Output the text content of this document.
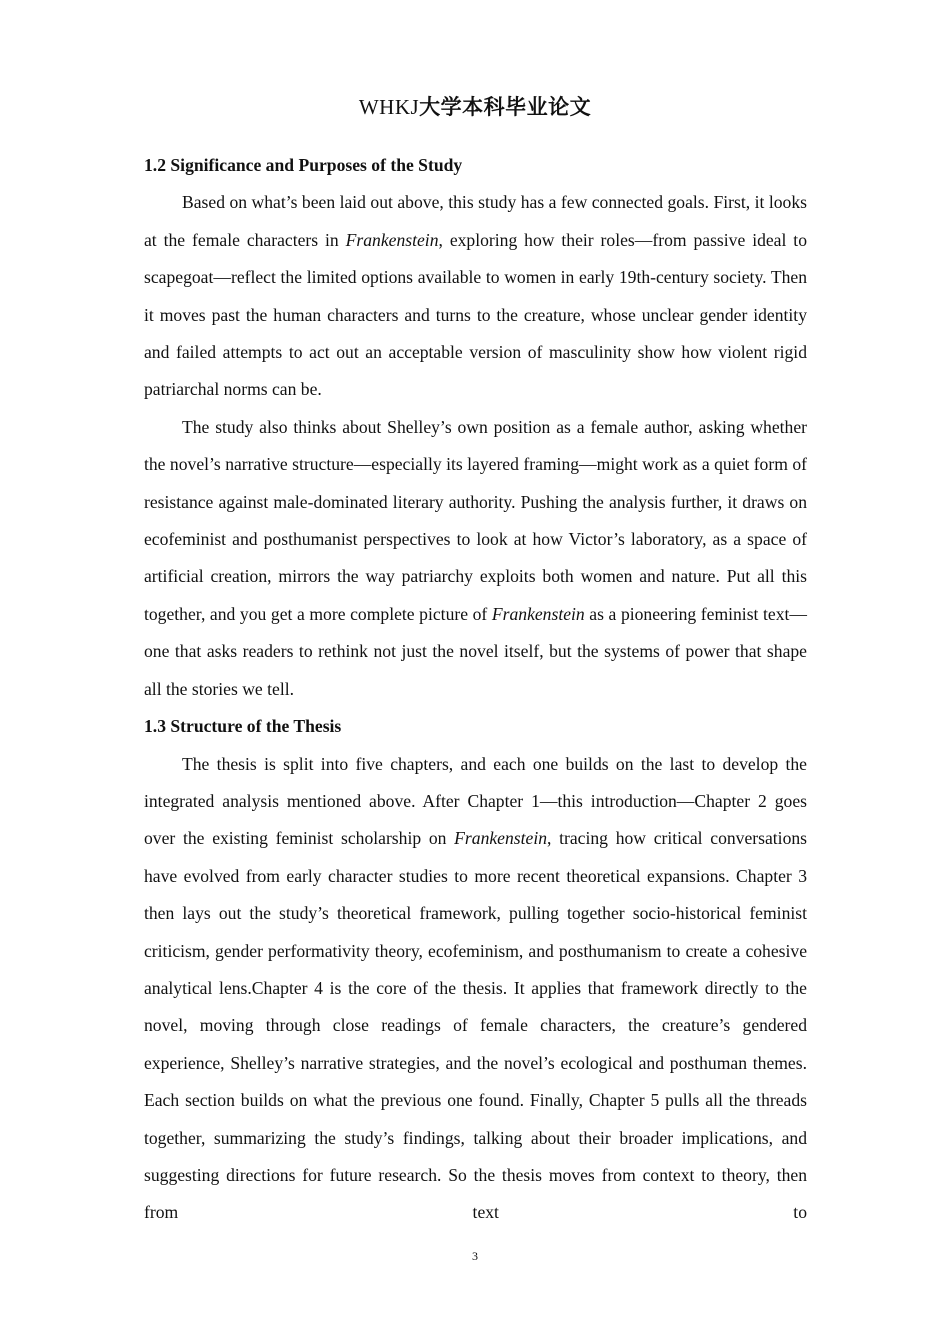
WHKJ大学本科毕业论文
1.2 Significance and Purposes of the Study

Based on what’s been laid out above, this study has a few connected goals. First, it looks at the female characters in Frankenstein, exploring how their roles—from passive ideal to scapegoat—reflect the limited options available to women in early 19th-century society. Then it moves past the human characters and turns to the creature, whose unclear gender identity and failed attempts to act out an acceptable version of masculinity show how violent rigid patriarchal norms can be.

The study also thinks about Shelley’s own position as a female author, asking whether the novel’s narrative structure—especially its layered framing—might work as a quiet form of resistance against male-dominated literary authority. Pushing the analysis further, it draws on ecofeminist and posthumanist perspectives to look at how Victor’s laboratory, as a space of artificial creation, mirrors the way patriarchy exploits both women and nature. Put all this together, and you get a more complete picture of Frankenstein as a pioneering feminist text—one that asks readers to rethink not just the novel itself, but the systems of power that shape all the stories we tell.

1.3 Structure of the Thesis

The thesis is split into five chapters, and each one builds on the last to develop the integrated analysis mentioned above. After Chapter 1—this introduction—Chapter 2 goes over the existing feminist scholarship on Frankenstein, tracing how critical conversations have evolved from early character studies to more recent theoretical expansions. Chapter 3 then lays out the study’s theoretical framework, pulling together socio-historical feminist criticism, gender performativity theory, ecofeminism, and posthumanism to create a cohesive analytical lens.Chapter 4 is the core of the thesis. It applies that framework directly to the novel, moving through close readings of female characters, the creature’s gendered experience, Shelley’s narrative strategies, and the novel’s ecological and posthuman themes. Each section builds on what the previous one found. Finally, Chapter 5 pulls all the threads together, summarizing the study’s findings, talking about their broader implications, and suggesting directions for future research. So the thesis moves from context to theory, then from text to

3
